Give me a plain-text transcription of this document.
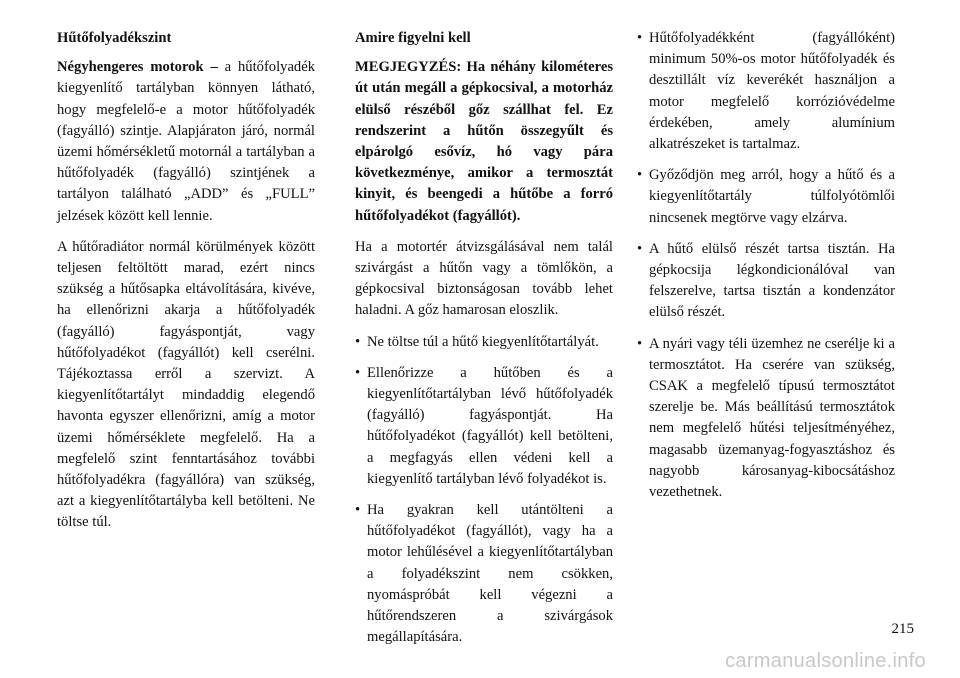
Hűtőfolyadékszint

Négyhengeres motorok – a hűtőfolyadék kiegyenlítő tartályban könnyen látható, hogy megfelelő-e a motor hűtőfolyadék (fagyálló) szintje. Alapjáraton járó, normál üzemi hőmérsékletű motornál a tartályban a hűtőfolyadék (fagyálló) szintjének a tartályon található „ADD” és „FULL” jelzések között kell lennie.

A hűtőradiátor normál körülmények között teljesen feltöltött marad, ezért nincs szükség a hűtősapka eltávolítására, kivéve, ha ellenőrizni akarja a hűtőfolyadék (fagyálló) fagyáspontját, vagy hűtőfolyadékot (fagyállót) kell cserélni. Tájékoztassa erről a szervizt. A kiegyenlítőtartályt mindaddig elegendő havonta egyszer ellenőrizni, amíg a motor üzemi hőmérséklete megfelelő. Ha a megfelelő szint fenntartásához további hűtőfolyadékra (fagyállóra) van szükség, azt a kiegyenlítőtartályba kell betölteni. Ne töltse túl.

Amire figyelni kell

MEGJEGYZÉS: Ha néhány kilométeres út után megáll a gépkocsival, a motorház elülső részéből gőz szállhat fel. Ez rendszerint a hűtőn összegyűlt és elpárolgó esővíz, hó vagy pára következménye, amikor a termosztát kinyit, és beengedi a hűtőbe a forró hűtőfolyadékot (fagyállót).

Ha a motortér átvizsgálásával nem talál szivárgást a hűtőn vagy a tömlőkön, a gépkocsival biztonságosan tovább lehet haladni. A gőz hamarosan eloszlik.

• Ne töltse túl a hűtő kiegyenlítőtartályát.
• Ellenőrizze a hűtőben és a kiegyenlítőtartályban lévő hűtőfolyadék (fagyálló) fagyáspontját. Ha hűtőfolyadékot (fagyállót) kell betölteni, a megfagyás ellen védeni kell a kiegyenlítő tartályban lévő folyadékot is.
• Ha gyakran kell utántölteni a hűtőfolyadékot (fagyállót), vagy ha a motor lehűlésével a kiegyenlítőtartályban a folyadékszint nem csökken, nyomáspróbát kell végezni a hűtőrendszeren a szivárgások megállapítására.
• Hűtőfolyadékként (fagyállóként) minimum 50%-os motor hűtőfolyadék és desztillált víz keverékét használjon a motor megfelelő korrózióvédelme érdekében, amely alumínium alkatrészeket is tartalmaz.
• Győződjön meg arról, hogy a hűtő és a kiegyenlítőtartály túlfolyótömlői nincsenek megtörve vagy elzárva.
• A hűtő elülső részét tartsa tisztán. Ha gépkocsija légkondicionálóval van felszerelve, tartsa tisztán a kondenzátor elülső részét.
• A nyári vagy téli üzemhez ne cserélje ki a termosztátot. Ha cserére van szükség, CSAK a megfelelő típusú termosztátot szerelje be. Más beállítású termosztátok nem megfelelő hűtési teljesítményéhez, magasabb üzemanyag-fogyasztáshoz és nagyobb károsanyag-kibocsátáshoz vezethetnek.
215
carmanualsonline.info
